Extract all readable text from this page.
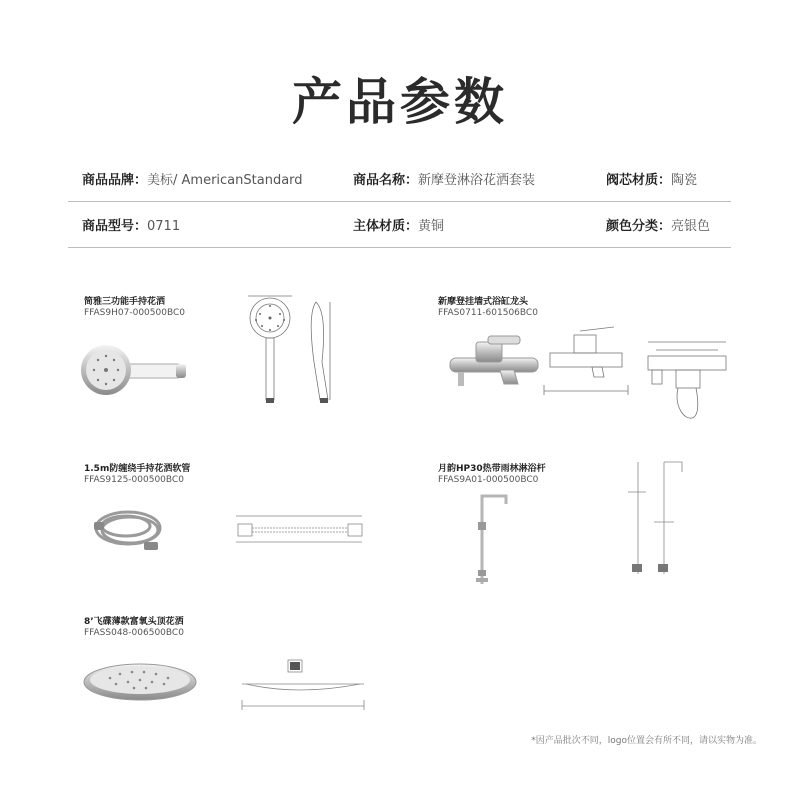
产品参数
商品品牌：美标/ AmericanStandard	商品名称：新摩登淋浴花洒套装	阀芯材质：陶瓷
商品型号：0711	主体材质：黄铜	颜色分类：亮银色
简雅三功能手持花洒
FFAS9H07-000500BC0
新摩登挂墙式浴缸龙头
FFAS0711-601506BC0
1.5m防缠绕手持花洒软管
FFAS9125-000500BC0
月韵HP30热带雨林淋浴杆
FFAS9A01-000500BC0
8’飞碟薄款富氧头顶花洒
FFASS048-006500BC0
*因产品批次不同，logo位置会有所不同，请以实物为准。
